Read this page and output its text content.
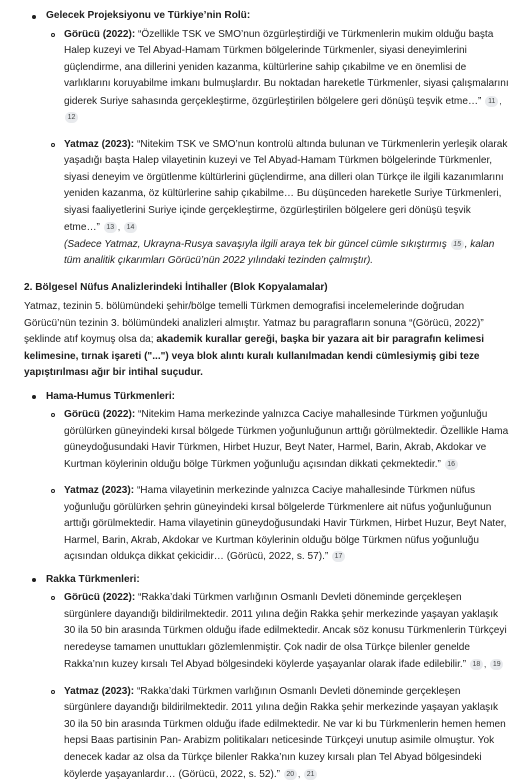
Gelecek Projeksiyonu ve Türkiye’nin Rolü:
Görücü (2022): “Özellikle TSK ve SMO’nun özgürleştirdiği ve Türkmenlerin mukim olduğu başta Halep kuzeyi ve Tel Abyad-Hamam Türkmen bölgelerinde Türkmenler, siyasi deneyimlerini güçlendirme, ana dillerini yeniden kazanma, kültürlerine sahip çıkabilme ve en önemlisi de varlıklarını koruyabilme imkanı bulmuşlardır. Bu noktadan hareketle Türkmenler, siyasi çalışmalarını giderek Suriye sahasında gerçekleştirme, özgürleştirilen bölgelere geri dönüşü teşvik etme…” 11 , 12
Yatmaz (2023): “Nitekim TSK ve SMO’nun kontrolü altında bulunan ve Türkmenlerin yerleşik olarak yaşadığı başta Halep vilayetinin kuzeyi ve Tel Abyad-Hamam Türkmen bölgelerinde Türkmenler, siyasi deneyim ve örgütlenme kültürlerini güçlendirme, ana dilleri olan Türkçe ile ilgili kazanımlarını yeniden kazanma, öz kültürlerine sahip çıkabilme… Bu düşünceden hareketle Suriye Türkmenleri, siyasi faaliyetlerini Suriye içinde gerçekleştirme, özgürleştirilen bölgelere geri dönüşü teşvik etme…” 13 , 14
(Sadece Yatmaz, Ukrayna-Rusya savaşıyla ilgili araya tek bir güncel cümle sıkıştırmış 15 , kalan tüm analitik çıkarımları Görücü’nün 2022 yılındaki tezinden çalmıştır).
2. Bölgesel Nüfus Analizlerindeki İntihaller (Blok Kopyalamalar)

Yatmaz, tezinin 5. bölümündeki şehir/bölge temelli Türkmen demografisi incelemelerinde doğrudan Görücü’nün tezinin 3. bölümündeki analizleri almıştır. Yatmaz bu paragrafların sonuna “(Görücü, 2022)” şeklinde atıf koymuş olsa da; akademik kurallar gereği, başka bir yazara ait bir paragrafın kelimesi kelimesine, tırnak işareti ("...") veya blok alıntı kuralı kullanılmadan kendi cümlesiymiş gibi teze yapıştırılması ağır bir intihal suçudur.

Hama-Humus Türkmenleri:
Görücü (2022): “Nitekim Hama merkezinde yalnızca Caciye mahallesinde Türkmen yoğunluğu görülürken güneyindeki kırsal bölgede Türkmen yoğunluğunun arttığı görülmektedir. Özellikle Hama güneydoğusundaki Havir Türkmen, Hirbet Huzur, Beyt Nater, Harmel, Barin, Akrab, Akdokar ve Kurtman köylerinin olduğu bölge Türkmen yoğunluğu açısından dikkati çekmektedir.” 16
Yatmaz (2023): “Hama vilayetinin merkezinde yalnızca Caciye mahallesinde Türkmen nüfus yoğunluğu görülürken şehrin güneyindeki kırsal bölgelerde Türkmenlere ait nüfus yoğunluğunun arttığı görülmektedir. Hama vilayetinin güneydoğusundaki Havir Türkmen, Hirbet Huzur, Beyt Nater, Harmel, Barin, Akrab, Akdokar ve Kurtman köylerinin olduğu bölge Türkmen nüfus yoğunluğu açısından oldukça dikkat çekicidir… (Görücü, 2022, s. 57).” 17
Rakka Türkmenleri:
Görücü (2022): “Rakka’daki Türkmen varlığının Osmanlı Devleti döneminde gerçekleşen sürgünlere dayandığı bildirilmektedir. 2011 yılına değin Rakka şehir merkezinde yaşayan yaklaşık 30 ila 50 bin arasında Türkmen olduğu ifade edilmektedir. Ancak söz konusu Türkmenlerin Türkçeyi neredeyse tamamen unuttukları gözlemlenmiştir. Çok nadir de olsa Türkçe bilenler genelde Rakka’nın kuzey kırsalı Tel Abyad bölgesindeki köylerde yaşayanlar olarak ifade edilebilir.” 18 , 19
Yatmaz (2023): “Rakka’daki Türkmen varlığının Osmanlı Devleti döneminde gerçekleşen sürgünlere dayandığı bildirilmektedir. 2011 yılına değin Rakka şehir merkezinde yaşayan yaklaşık 30 ila 50 bin arasında Türkmen olduğu ifade edilmektedir. Ne var ki bu Türkmenlerin hemen hemen hepsi Baas partisinin Pan- Arabizm politikaları neticesinde Türkçeyi unutup asimile olmuştur. Yok denecek kadar az olsa da Türkçe bilenler Rakka’nın kuzey kırsalı plan Tel Abyad bölgesindeki köylerde yaşayanlardır… (Görücü, 2022, s. 52).” 20 , 21
